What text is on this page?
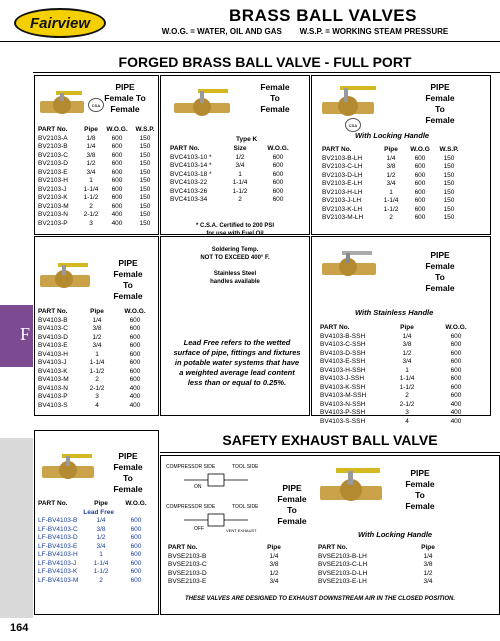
Fairview	BRASS BALL VALVES
W.O.G. = WATER, OIL AND GAS        W.S.P. = WORKING STEAM PRESSURE
F
FORGED BRASS BALL VALVE - FULL PORT
CSA
CSA
PIPE
Female To
Female
PART No.	Pipe	W.O.G.	W.S.P.
BV2103-A	1/8	600	150
BV2103-B	1/4	600	150
BV2103-C	3/8	600	150
BV2103-D	1/2	600	150
BV2103-E	3/4	600	150
BV2103-H	1	600	150
BV2103-J	1-1/4	600	150
BV2103-K	1-1/2	600	150
BV2103-M	2	600	150
BV2103-N	2-1/2	400	150
BV2103-P	3	400	150
Female
To
Female
Type K
PART No.	Size	W.O.G.
BVC4103-10 *	1/2	600
BVC4103-14 *	3/4	600
BVC4103-18 *	1	600
BVC4103-22	1-1/4	600
BVC4103-26	1-1/2	600
BVC4103-34	2	600
PIPE
Female
To
Female
With Locking Handle
PART No.	Pipe	W.O.G	W.S.P.
BV2103-B-LH	1/4	600	150
BV2103-C-LH	3/8	600	150
BV2103-D-LH	1/2	600	150
BV2103-E-LH	3/4	600	150
BV2103-H-LH	1	600	150
BV2103-J-LH	1-1/4	600	150
BV2103-K-LH	1-1/2	600	150
BV2103-M-LH	2	600	150
PIPE
Female
To
Female
PART No.	Pipe	W.O.G.
BV4103-B	1/4	600
BV4103-C	3/8	600
BV4103-D	1/2	600
BV4103-E	3/4	600
BV4103-H	1	600
BV4103-J	1-1/4	600
BV4103-K	1-1/2	600
BV4103-M	2	600
BV4103-N	2-1/2	400
BV4103-P	3	400
BV4103-S	4	400
* C.S.A. Certified to 200 PSI
for use with Fuel Oil
Soldering Temp.
NOT TO EXCEED 400° F.
Stainless Steel
handles available
Lead Free refers to the wetted
surface of pipe, fittings and fixtures
in potable water systems that have
a weighted average lead content
less than or equal to 0.25%.
PIPE
Female
To
Female
With Stainless Handle
PART No.	Pipe	W.O.G.
BV4103-B-SSH	1/4	600
BV4103-C-SSH	3/8	600
BV4103-D-SSH	1/2	600
BV4103-E-SSH	3/4	600
BV4103-H-SSH	1	600
BV4103-J-SSH	1-1/4	600
BV4103-K-SSH	1-1/2	600
BV4103-M-SSH	2	600
BV4103-N-SSH	2-1/2	400
BV4103-P-SSH	3	400
BV4103-S-SSH	4	400
SAFETY EXHAUST BALL VALVE
PIPE
Female
To
Female
PART No.	Pipe	W.O.G.
Lead Free
LF-BV4103-B	1/4	600
LF-BV4103-C	3/8	600
LF-BV4103-D	1/2	600
LF-BV4103-E	3/4	600
LF-BV4103-H	1	600
LF-BV4103-J	1-1/4	600
LF-BV4103-K	1-1/2	600
LF-BV4103-M	2	600
COMPRESSOR SIDE	TOOL SIDE
ON
COMPRESSOR SIDE	TOOL SIDE
OFF	VENT EXHAUST
PIPE
Female
To
Female
PART No.	Pipe
BVSE2103-B	1/4
BVSE2103-C	3/8
BVSE2103-D	1/2
BVSE2103-E	3/4
PIPE
Female
To
Female
With Locking Handle
PART No.	Pipe
BVSE2103-B-LH	1/4
BVSE2103-C-LH	3/8
BVSE2103-D-LH	1/2
BVSE2103-E-LH	3/4
THESE VALVES ARE DESIGNED TO EXHAUST DOWNSTREAM AIR IN THE CLOSED POSITION.
164
